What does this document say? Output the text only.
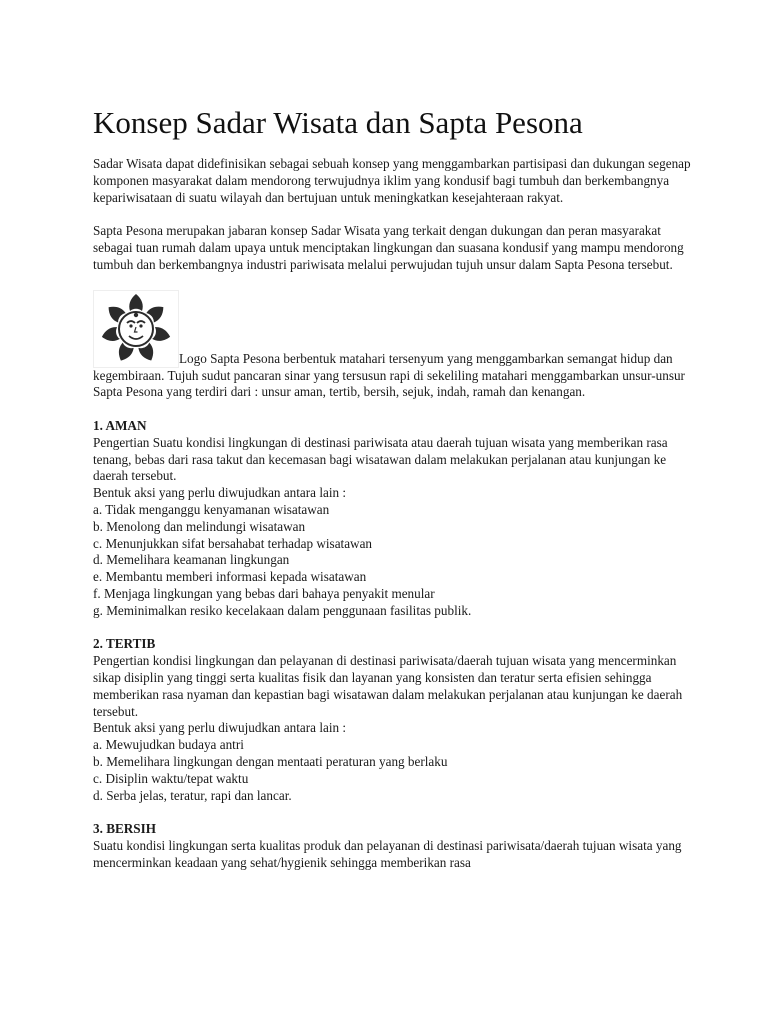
Konsep Sadar Wisata dan Sapta Pesona

Sadar Wisata dapat didefinisikan sebagai sebuah konsep yang menggambarkan partisipasi dan dukungan segenap komponen masyarakat dalam mendorong terwujudnya iklim yang kondusif bagi tumbuh dan berkembangnya kepariwisataan di suatu wilayah dan bertujuan untuk meningkatkan kesejahteraan rakyat.

Sapta Pesona merupakan jabaran konsep Sadar Wisata yang terkait dengan dukungan dan peran masyarakat sebagai tuan rumah dalam upaya untuk menciptakan lingkungan dan suasana kondusif yang mampu mendorong tumbuh dan berkembangnya industri pariwisata melalui perwujudan tujuh unsur dalam Sapta Pesona tersebut.

Logo Sapta Pesona berbentuk matahari tersenyum yang menggambarkan semangat hidup dan kegembiraan. Tujuh sudut pancaran sinar yang tersusun rapi di sekeliling matahari menggambarkan unsur-unsur Sapta Pesona yang terdiri dari : unsur aman, tertib, bersih, sejuk, indah, ramah dan kenangan.

1. AMAN

Pengertian Suatu kondisi lingkungan di destinasi pariwisata atau daerah tujuan wisata yang memberikan rasa tenang, bebas dari rasa takut dan kecemasan bagi wisatawan dalam melakukan perjalanan atau kunjungan ke daerah tersebut.

Bentuk aksi yang perlu diwujudkan antara lain :

a. Tidak menganggu kenyamanan wisatawan
b. Menolong dan melindungi wisatawan
c. Menunjukkan sifat bersahabat terhadap wisatawan
d. Memelihara keamanan lingkungan
e. Membantu memberi informasi kepada wisatawan
f. Menjaga lingkungan yang bebas dari bahaya penyakit menular
g. Meminimalkan resiko kecelakaan dalam penggunaan fasilitas publik.

2. TERTIB

Pengertian kondisi lingkungan dan pelayanan di destinasi pariwisata/daerah tujuan wisata yang mencerminkan sikap disiplin yang tinggi serta kualitas fisik dan layanan yang konsisten dan teratur serta efisien sehingga memberikan rasa nyaman dan kepastian bagi wisatawan dalam melakukan perjalanan atau kunjungan ke daerah tersebut.

Bentuk aksi yang perlu diwujudkan antara lain :

a. Mewujudkan budaya antri
b. Memelihara lingkungan dengan mentaati peraturan yang berlaku
c. Disiplin waktu/tepat waktu
d. Serba jelas, teratur, rapi dan lancar.

3. BERSIH

Suatu kondisi lingkungan serta kualitas produk dan pelayanan di destinasi pariwisata/daerah tujuan wisata yang mencerminkan keadaan yang sehat/hygienik sehingga memberikan rasa
